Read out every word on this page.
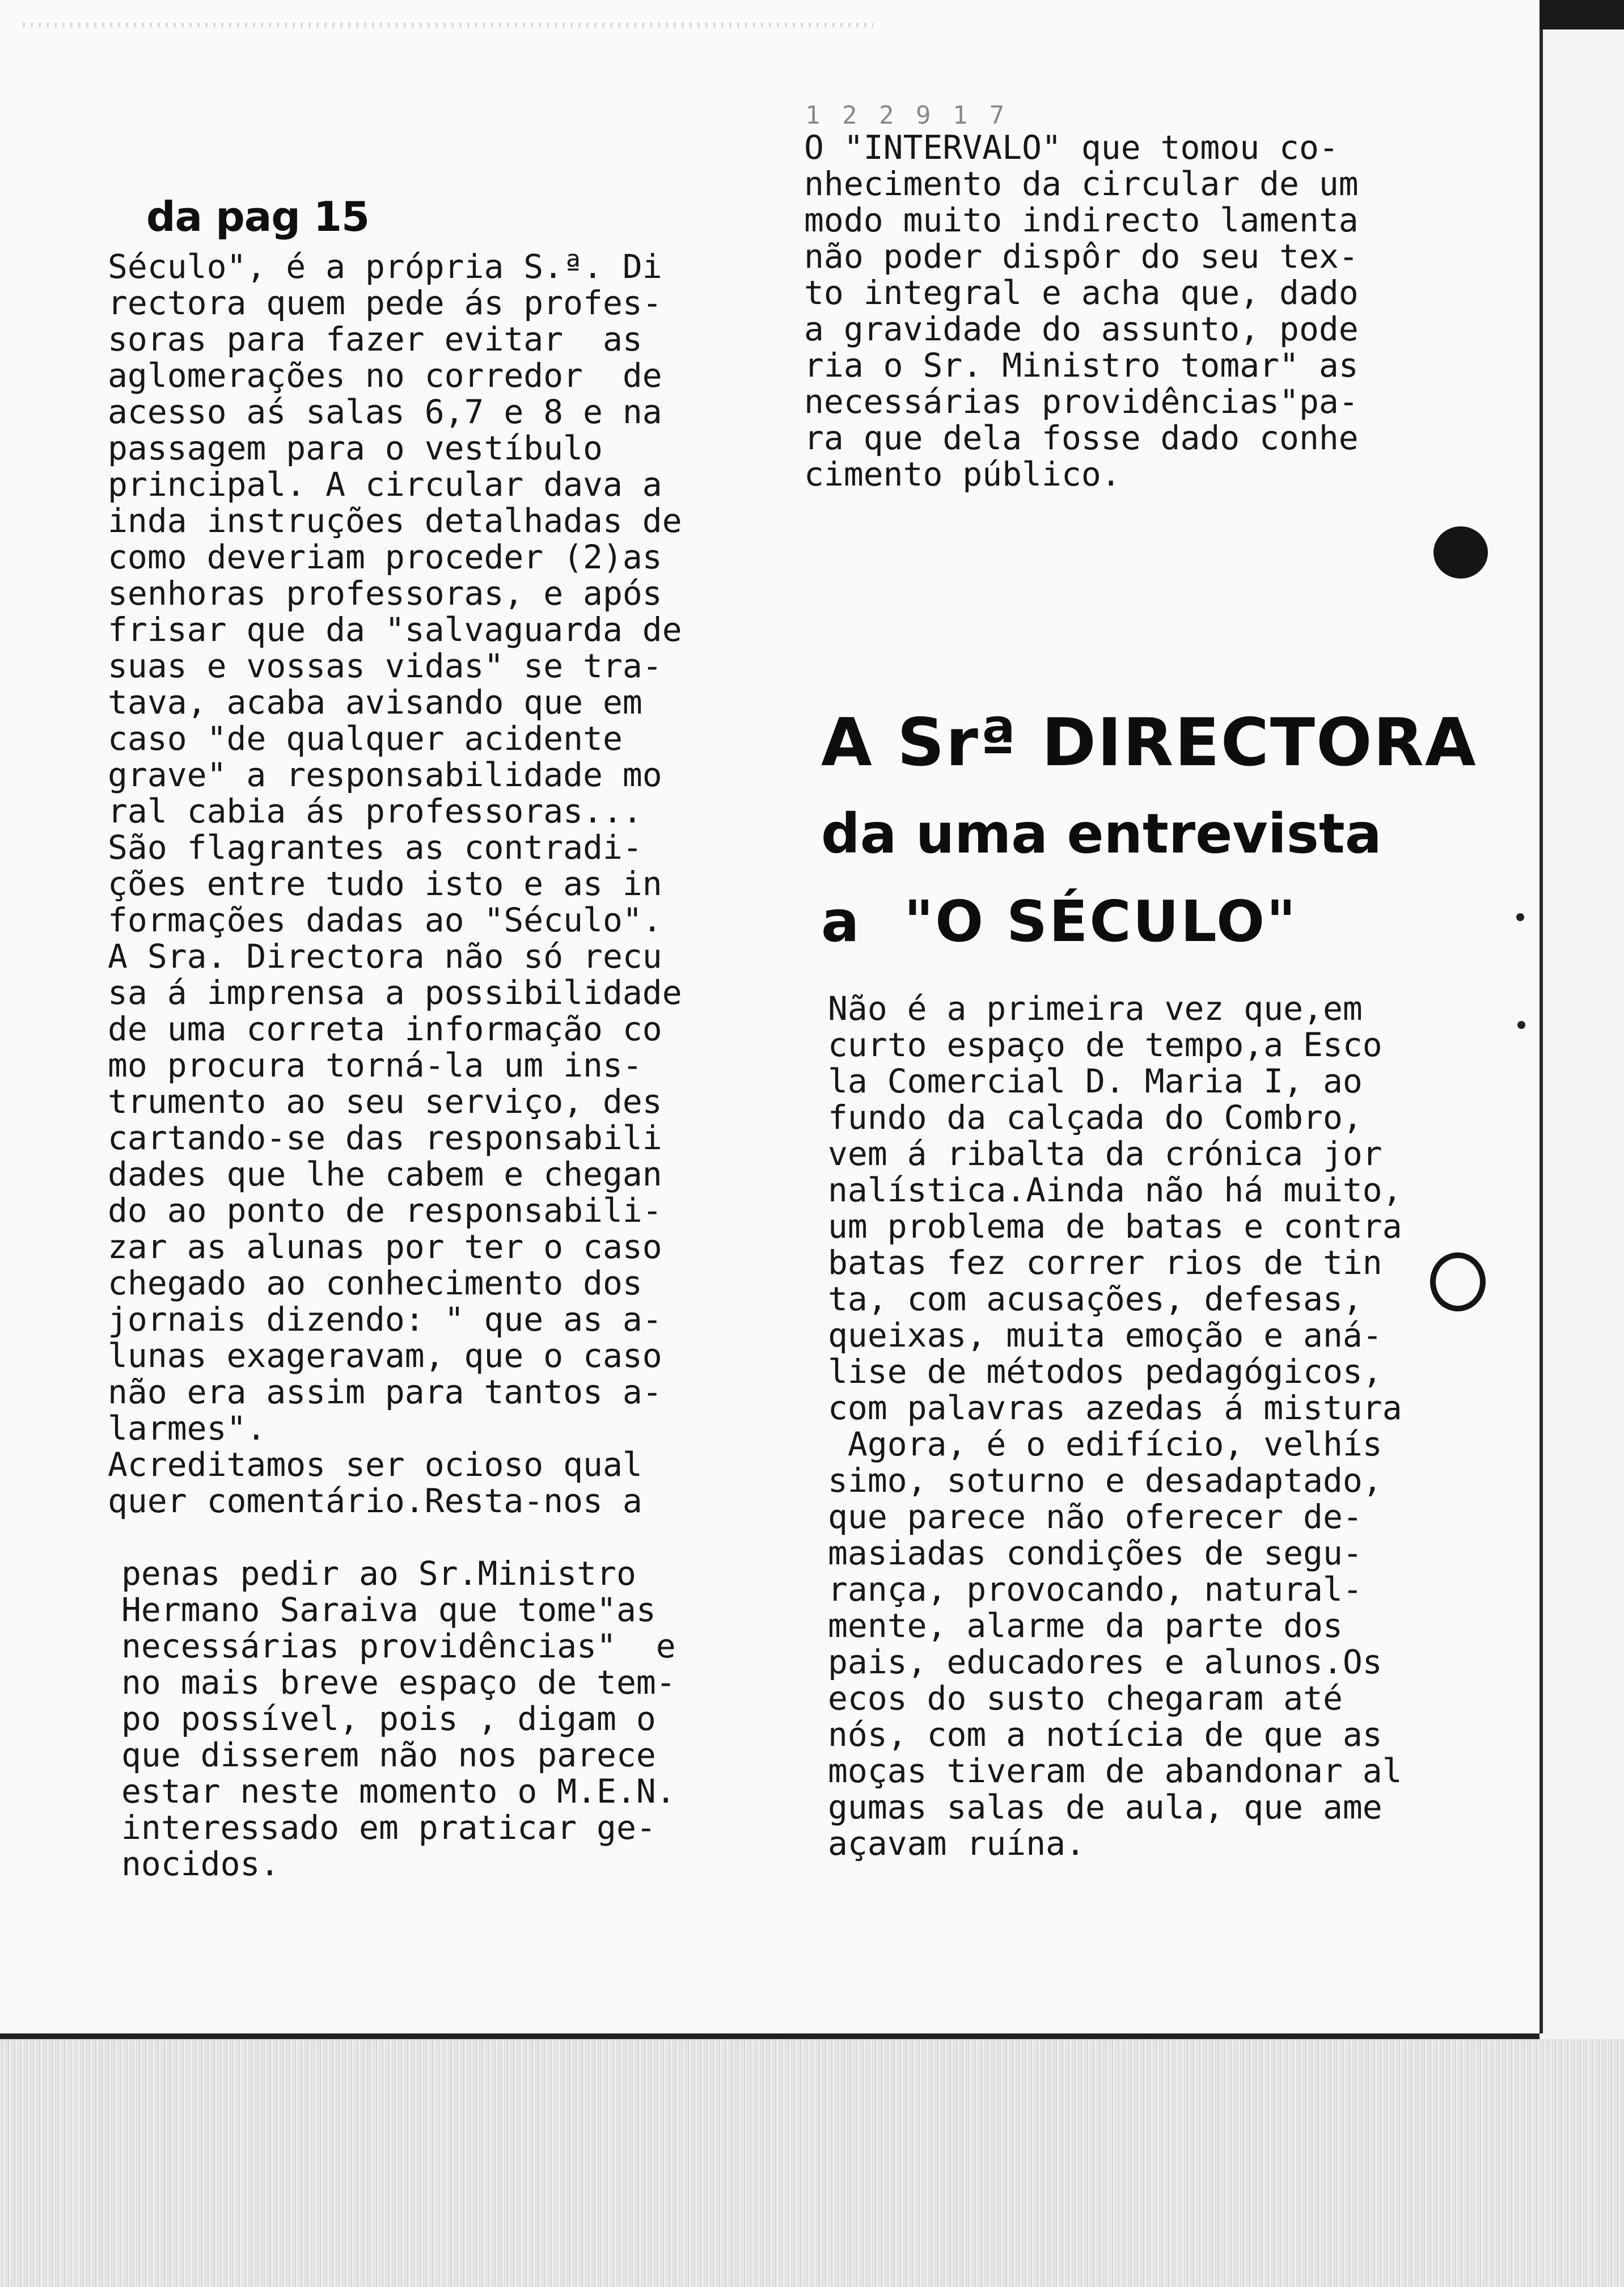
da pag 15
Século", é a própria S.ª. Di
rectora quem pede ás profes-
soras para fazer evitar  as
aglomerações no corredor  de
acesso aś salas 6,7 e 8 e na
passagem para o vestíbulo
principal. A circular dava a
inda instruções detalhadas de
como deveriam proceder (2)as
senhoras professoras, e após
frisar que da "salvaguarda de
suas e vossas vidas" se tra-
tava, acaba avisando que em
caso "de qualquer acidente
grave" a responsabilidade mo
ral cabia ás professoras...
São flagrantes as contradi-
ções entre tudo isto e as in
formações dadas ao "Século".
A Sra. Directora não só recu
sa á imprensa a possibilidade
de uma correta informação co
mo procura torná-la um ins-
trumento ao seu serviço, des
cartando-se das responsabili
dades que lhe cabem e chegan
do ao ponto de responsabili-
zar as alunas por ter o caso
chegado ao conhecimento dos
jornais dizendo: " que as a-
lunas exageravam, que o caso
não era assim para tantos a-
larmes".
Acreditamos ser ocioso qual
quer comentário.Resta-nos a
penas pedir ao Sr.Ministro
Hermano Saraiva que tome"as
necessárias providências"  e
no mais breve espaço de tem-
po possível, pois , digam o
que disserem não nos parece
estar neste momento o M.E.N.
interessado em praticar ge-
nocidos.
1 2 2 9 1 7
O "INTERVALO" que tomou co-
nhecimento da circular de um
modo muito indirecto lamenta
não poder dispôr do seu tex-
to integral e acha que, dado
a gravidade do assunto, pode
ria o Sr. Ministro tomar" as
necessárias providências"pa-
ra que dela fosse dado conhe
cimento público.

A Srª DIRECTORA

da uma entrevista

a  "O SÉCULO"

Não é a primeira vez que,em
curto espaço de tempo,a Esco
la Comercial D. Maria I, ao
fundo da calçada do Combro,
vem á ribalta da crónica jor
nalística.Ainda não há muito,
um problema de batas e contra
batas fez correr rios de tin
ta, com acusações, defesas,
queixas, muita emoção e aná-
lise de métodos pedagógicos,
com palavras azedas á mistura
Agora, é o edifício, velhís
simo, soturno e desadaptado,
que parece não oferecer de-
masiadas condições de segu-
rança, provocando, natural-
mente, alarme da parte dos
pais, educadores e alunos.Os
ecos do susto chegaram até
nós, com a notícia de que as
moças tiveram de abandonar al
gumas salas de aula, que ame
açavam ruína.
